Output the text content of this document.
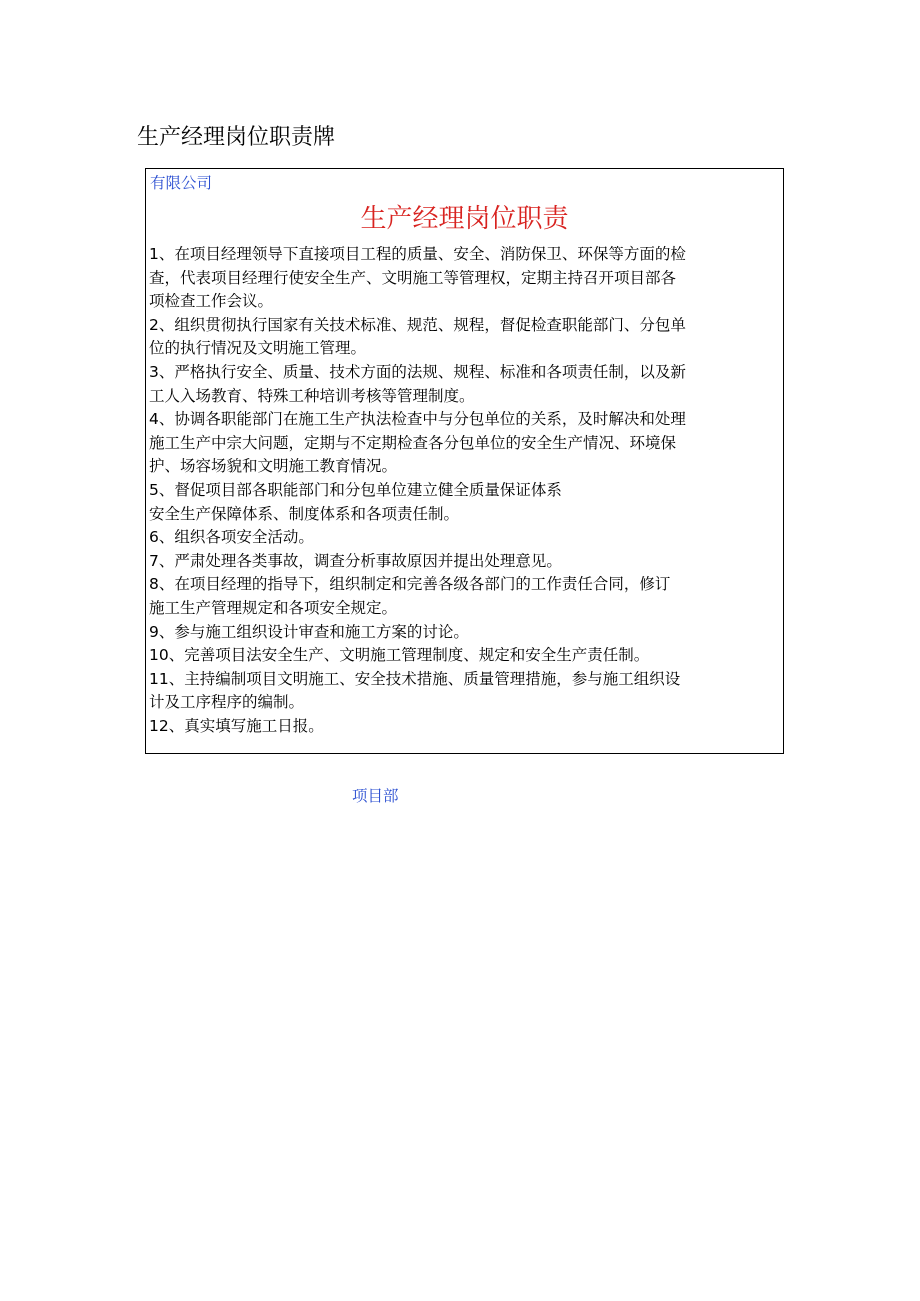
生产经理岗位职责牌
有限公司
生产经理岗位职责
1、在项目经理领导下直接项目工程的质量、安全、消防保卫、环保等方面的检
查，代表项目经理行使安全生产、文明施工等管理权，定期主持召开项目部各
项检查工作会议。
2、组织贯彻执行国家有关技术标准、规范、规程，督促检查职能部门、分包单
位的执行情况及文明施工管理。
3、严格执行安全、质量、技术方面的法规、规程、标准和各项责任制，以及新
工人入场教育、特殊工种培训考核等管理制度。
4、协调各职能部门在施工生产执法检查中与分包单位的关系，及时解决和处理
施工生产中宗大问题，定期与不定期检查各分包单位的安全生产情况、环境保
护、场容场貌和文明施工教育情况。
5、督促项目部各职能部门和分包单位建立健全质量保证体系
安全生产保障体系、制度体系和各项责任制。
6、组织各项安全活动。
7、严肃处理各类事故，调查分析事故原因并提出处理意见。
8、在项目经理的指导下，组织制定和完善各级各部门的工作责任合同，修订
施工生产管理规定和各项安全规定。
9、参与施工组织设计审查和施工方案的讨论。
10、完善项目法安全生产、文明施工管理制度、规定和安全生产责任制。
11、主持编制项目文明施工、安全技术措施、质量管理措施，参与施工组织设
计及工序程序的编制。
12、真实填写施工日报。
项目部
